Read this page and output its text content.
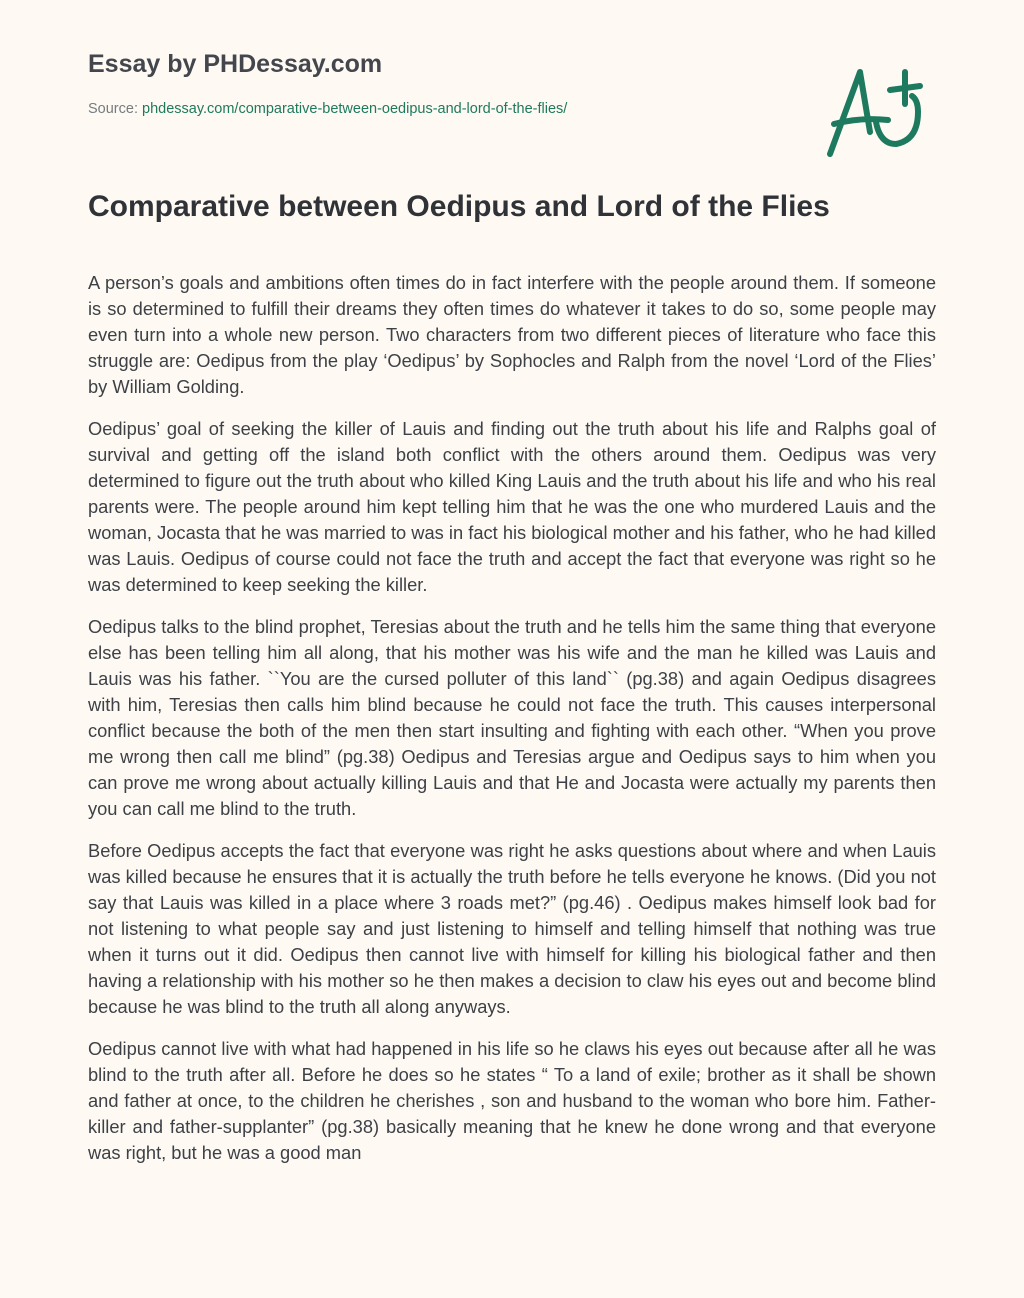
Essay by PHDessay.com
Source: phdessay.com/comparative-between-oedipus-and-lord-of-the-flies/
Comparative between Oedipus and Lord of the Flies

A person’s goals and ambitions often times do in fact interfere with the people around them. If someone is so determined to fulfill their dreams they often times do whatever it takes to do so, some people may even turn into a whole new person. Two characters from two different pieces of literature who face this struggle are: Oedipus from the play ‘Oedipus’ by Sophocles and Ralph from the novel ‘Lord of the Flies’ by William Golding.

Oedipus’ goal of seeking the killer of Lauis and finding out the truth about his life and Ralphs goal of survival and getting off the island both conflict with the others around them. Oedipus was very determined to figure out the truth about who killed King Lauis and the truth about his life and who his real parents were. The people around him kept telling him that he was the one who murdered Lauis and the woman, Jocasta that he was married to was in fact his biological mother and his father, who he had killed was Lauis. Oedipus of course could not face the truth and accept the fact that everyone was right so he was determined to keep seeking the killer.

Oedipus talks to the blind prophet, Teresias about the truth and he tells him the same thing that everyone else has been telling him all along, that his mother was his wife and the man he killed was Lauis and Lauis was his father. ``You are the cursed polluter of this land`` (pg.38) and again Oedipus disagrees with him, Teresias then calls him blind because he could not face the truth. This causes interpersonal conflict because the both of the men then start insulting and fighting with each other. “When you prove me wrong then call me blind” (pg.38) Oedipus and Teresias argue and Oedipus says to him when you can prove me wrong about actually killing Lauis and that He and Jocasta were actually my parents then you can call me blind to the truth.

Before Oedipus accepts the fact that everyone was right he asks questions about where and when Lauis was killed because he ensures that it is actually the truth before he tells everyone he knows. (Did you not say that Lauis was killed in a place where 3 roads met?” (pg.46) . Oedipus makes himself look bad for not listening to what people say and just listening to himself and telling himself that nothing was true when it turns out it did. Oedipus then cannot live with himself for killing his biological father and then having a relationship with his mother so he then makes a decision to claw his eyes out and become blind because he was blind to the truth all along anyways.

Oedipus cannot live with what had happened in his life so he claws his eyes out because after all he was blind to the truth after all. Before he does so he states “ To a land of exile; brother as it shall be shown and father at once, to the children he cherishes , son and husband to the woman who bore him. Father-killer and father-supplanter” (pg.38) basically meaning that he knew he done wrong and that everyone was right, but he was a good man
